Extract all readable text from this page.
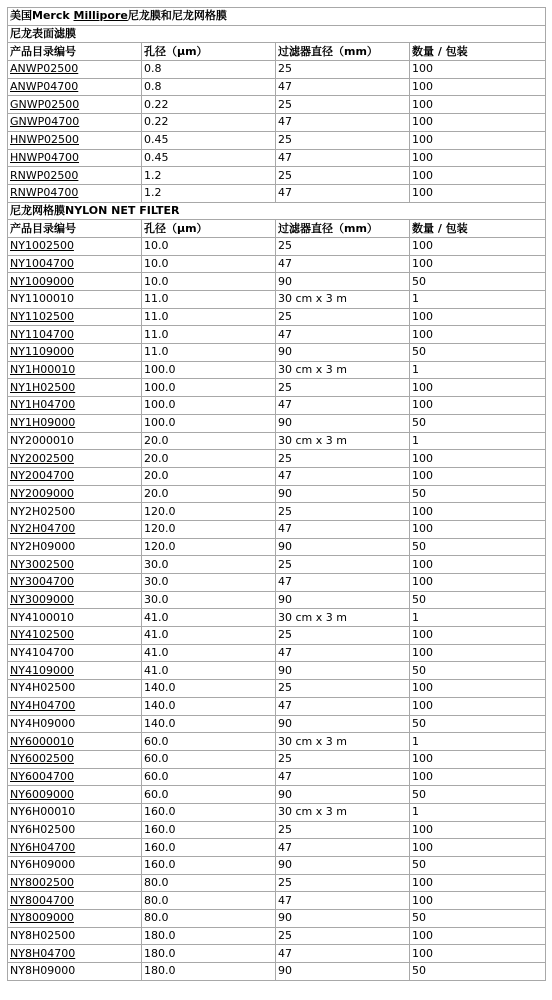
美国Merck Millipore尼龙膜和尼龙网格膜			
尼龙表面滤膜			
产品目录编号	孔径（μm）	过滤器直径（mm）	数量 / 包装
ANWP02500	0.8	25	100
ANWP04700	0.8	47	100
GNWP02500	0.22	25	100
GNWP04700	0.22	47	100
HNWP02500	0.45	25	100
HNWP04700	0.45	47	100
RNWP02500	1.2	25	100
RNWP04700	1.2	47	100
尼龙网格膜NYLON NET FILTER			
产品目录编号	孔径（μm）	过滤器直径（mm）	数量 / 包装
NY1002500	10.0	25	100
NY1004700	10.0	47	100
NY1009000	10.0	90	50
NY1100010	11.0	30 cm x 3 m	1
NY1102500	11.0	25	100
NY1104700	11.0	47	100
NY1109000	11.0	90	50
NY1H00010	100.0	30 cm x 3 m	1
NY1H02500	100.0	25	100
NY1H04700	100.0	47	100
NY1H09000	100.0	90	50
NY2000010	20.0	30 cm x 3 m	1
NY2002500	20.0	25	100
NY2004700	20.0	47	100
NY2009000	20.0	90	50
NY2H02500	120.0	25	100
NY2H04700	120.0	47	100
NY2H09000	120.0	90	50
NY3002500	30.0	25	100
NY3004700	30.0	47	100
NY3009000	30.0	90	50
NY4100010	41.0	30 cm x 3 m	1
NY4102500	41.0	25	100
NY4104700	41.0	47	100
NY4109000	41.0	90	50
NY4H02500	140.0	25	100
NY4H04700	140.0	47	100
NY4H09000	140.0	90	50
NY6000010	60.0	30 cm x 3 m	1
NY6002500	60.0	25	100
NY6004700	60.0	47	100
NY6009000	60.0	90	50
NY6H00010	160.0	30 cm x 3 m	1
NY6H02500	160.0	25	100
NY6H04700	160.0	47	100
NY6H09000	160.0	90	50
NY8002500	80.0	25	100
NY8004700	80.0	47	100
NY8009000	80.0	90	50
NY8H02500	180.0	25	100
NY8H04700	180.0	47	100
NY8H09000	180.0	90	50
